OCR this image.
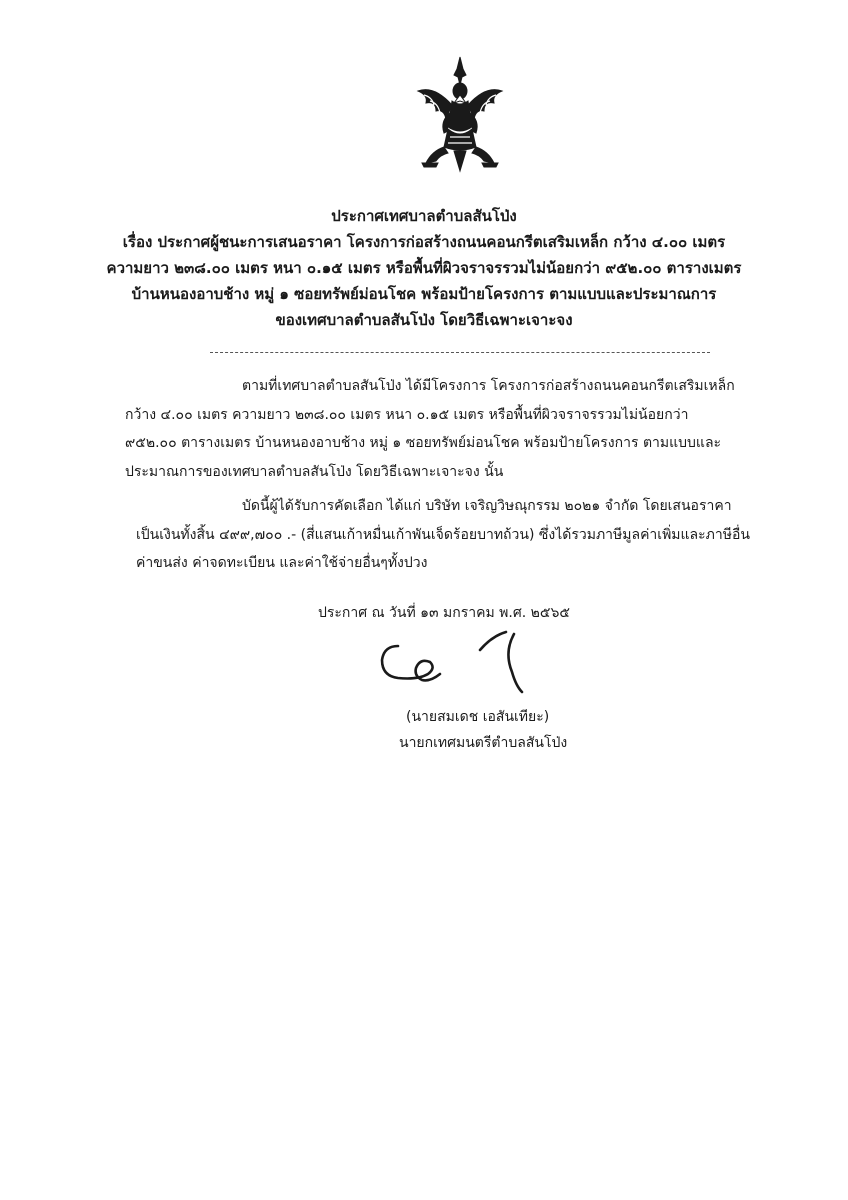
ประกาศเทศบาลตำบลสันโป่ง
เรื่อง ประกาศผู้ชนะการเสนอราคา โครงการก่อสร้างถนนคอนกรีตเสริมเหล็ก กว้าง ๔.๐๐ เมตร
ความยาว ๒๓๘.๐๐ เมตร หนา ๐.๑๕ เมตร หรือพื้นที่ผิวจราจรรวมไม่น้อยกว่า ๙๕๒.๐๐ ตารางเมตร
บ้านหนองอาบช้าง หมู่ ๑ ซอยทรัพย์ม่อนโชค พร้อมป้ายโครงการ ตามแบบและประมาณการ
ของเทศบาลตำบลสันโป่ง โดยวิธีเฉพาะเจาะจง
ตามที่เทศบาลตำบลสันโป่ง ได้มีโครงการ โครงการก่อสร้างถนนคอนกรีตเสริมเหล็ก
กว้าง ๔.๐๐ เมตร ความยาว ๒๓๘.๐๐ เมตร หนา ๐.๑๕ เมตร หรือพื้นที่ผิวจราจรรวมไม่น้อยกว่า
๙๕๒.๐๐ ตารางเมตร บ้านหนองอาบช้าง หมู่ ๑ ซอยทรัพย์ม่อนโชค พร้อมป้ายโครงการ ตามแบบและ
ประมาณการของเทศบาลตำบลสันโป่ง โดยวิธีเฉพาะเจาะจง นั้น
บัดนี้ผู้ได้รับการคัดเลือก ได้แก่ บริษัท เจริญวิษณุกรรม ๒๐๒๑ จำกัด โดยเสนอราคา
เป็นเงินทั้งสิ้น ๔๙๙,๗๐๐ .- (สี่แสนเก้าหมื่นเก้าพันเจ็ดร้อยบาทถ้วน) ซึ่งได้รวมภาษีมูลค่าเพิ่มและภาษีอื่น
ค่าขนส่ง ค่าจดทะเบียน และค่าใช้จ่ายอื่นๆทั้งปวง
ประกาศ ณ วันที่ ๑๓ มกราคม พ.ศ. ๒๕๖๕
(นายสมเดช เอสันเทียะ)
นายกเทศมนตรีตำบลสันโป่ง
